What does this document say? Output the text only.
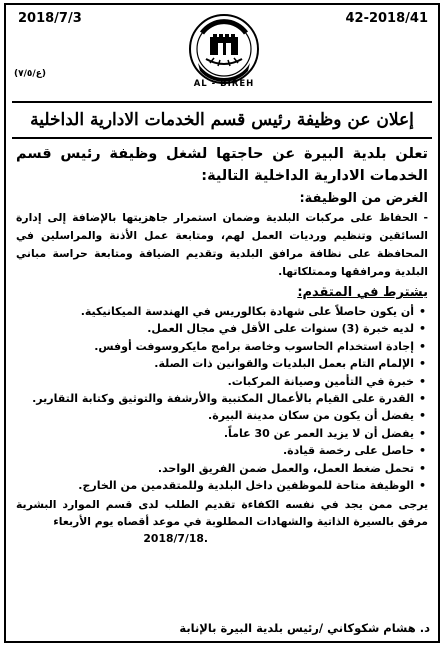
42-2018/41
2018/7/3
AL - BIREH
(ع/٧/٥)
إعلان عن وظيفة رئيس قسم الخدمات الادارية الداخلية

تعلن بلدية البيرة عن حاجتها لشغل وظيفة رئيس قسم الخدمات الادارية الداخلية التالية:

الغرض من الوظيفة:

- الحفاظ على مركبات البلدية وضمان استمرار جاهزيتها بالإضافة إلى إدارة السائقين وتنظيم ورديات العمل لهم، ومتابعة عمل الأذنة والمراسلين في المحافظة على نظافة مرافق البلدية وتقديم الضيافة ومتابعة حراسة مباني البلدية ومرافقها وممتلكاتها.

يشترط في المتقدم:

• أن يكون حاصلاً على شهادة بكالوريس في الهندسة الميكانيكية.
• لديه خبرة (3) سنوات على الأقل في مجال العمل.
• إجادة استخدام الحاسوب وخاصة برامج مايكروسوفت أوفس.
• الإلمام التام بعمل البلديات والقوانين ذات الصلة.
• خبرة في التأمين وصيانة المركبات.
• القدرة على القيام بالأعمال المكتبية والأرشفة والتوثيق وكتابة التقارير.
• يفضل أن يكون من سكان مدينة البيرة.
• يفضل أن لا يزيد العمر عن 30 عاماً.
• حاصل على رخصة قيادة.
• تحمل ضغط العمل، والعمل ضمن الفريق الواحد.
• الوظيفة متاحة للموظفين داخل البلدية وللمتقدمين من الخارج.

يرجى ممن يجد في نفسه الكفاءة تقديم الطلب لدى قسم الموارد البشرية مرفق بالسيرة الذاتية والشهادات المطلوبة في موعد أقصاه يوم الأربعاء
2018/7/18.

د. هشام شكوكاني /رئيس بلدية البيرة بالإنابة
